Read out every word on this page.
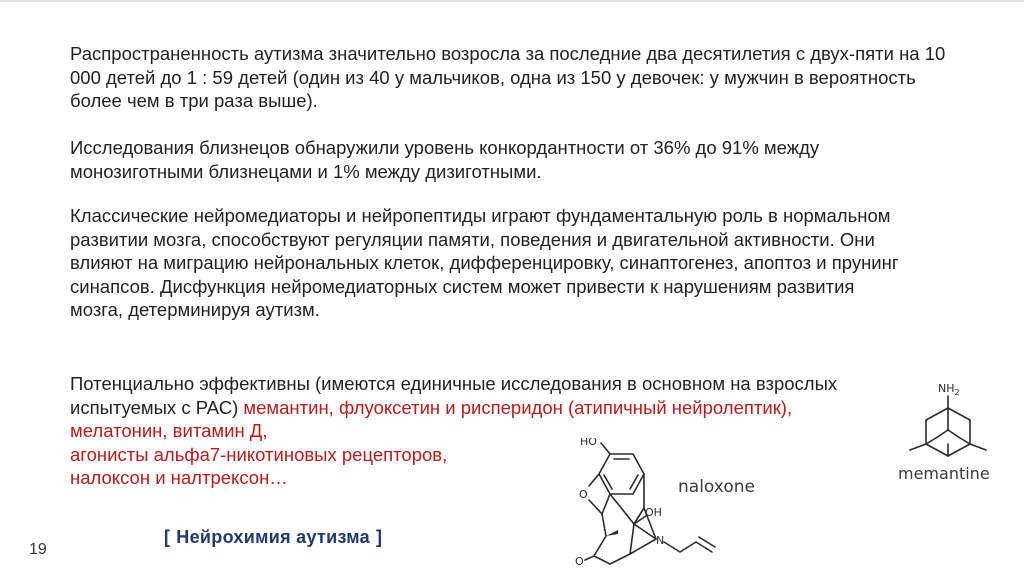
Распространенность аутизма значительно возросла за последние два десятилетия с двух-пяти на 10 000 детей до 1 : 59 детей (один из 40 у мальчиков, одна из 150 у девочек: у мужчин в вероятность более чем в три раза выше).

Исследования близнецов обнаружили уровень конкордантности от 36% до 91% между монозиготными близнецами и 1% между дизиготными.

Классические нейромедиаторы и нейропептиды играют фундаментальную роль в нормальном развитии мозга, способствуют регуляции памяти, поведения и двигательной активности. Они влияют на миграцию нейрональных клеток, дифференцировку, синаптогенез, апоптоз и прунинг синапсов. Дисфункция нейромедиаторных систем может привести к нарушениям развития мозга, детерминируя аутизм.

Потенциально эффективны (имеются единичные исследования в основном на взрослых испытуемых с РАС) мемантин, флуоксетин и рисперидон (атипичный нейролептик), мелатонин, витамин Д,
агонисты альфа7-никотиновых рецепторов,
налоксон и налтрексон…

HO
O
OH
N
O
naloxone
$NH_2$
memantine
[ Нейрохимия аутизма ]
19
